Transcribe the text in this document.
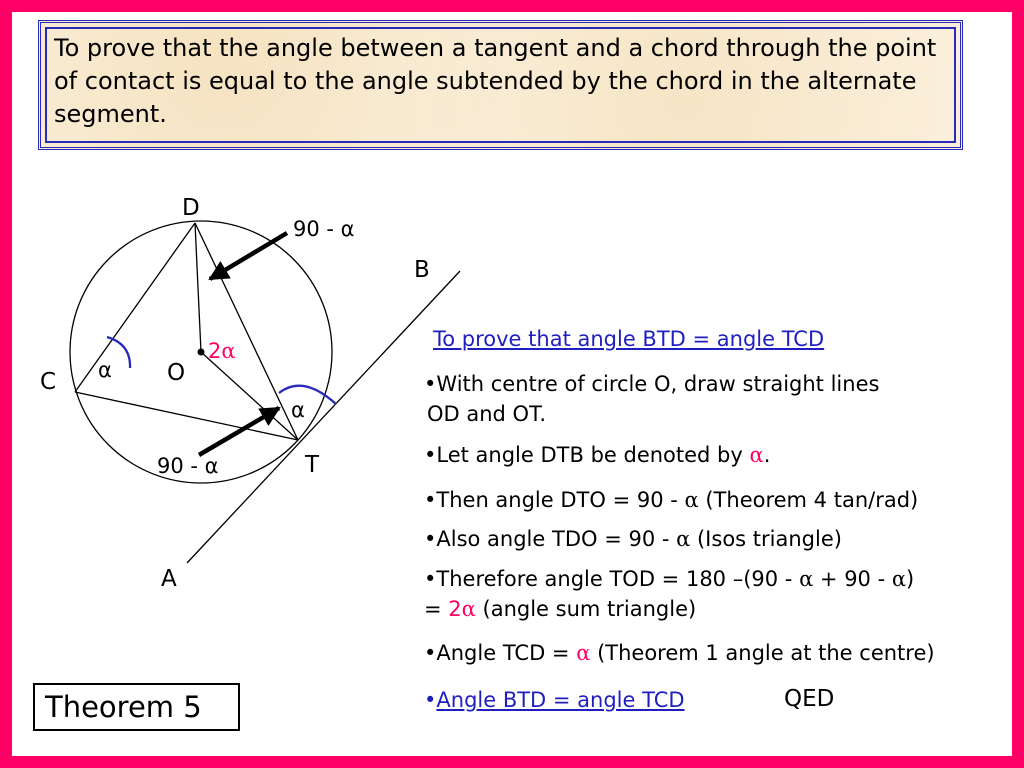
To prove that the angle between a tangent and a chord through the point of contact is equal to the angle subtended by the chord in the alternate segment.

D
B
C	O
T
A
90 - α
90 - α
2α
α
α
To prove that angle BTD = angle TCD
•With centre of circle O, draw straight lines
OD and OT.
•Let angle DTB be denoted by α.
•Then angle DTO = 90 - α (Theorem 4 tan/rad)
•Also angle TDO = 90 - α (Isos triangle)
•Therefore angle TOD = 180 –(90 - α + 90 - α)
= 2α (angle sum triangle)
•Angle TCD = α (Theorem 1 angle at the centre)
•Angle BTD = angle TCD	QED
Theorem 5
